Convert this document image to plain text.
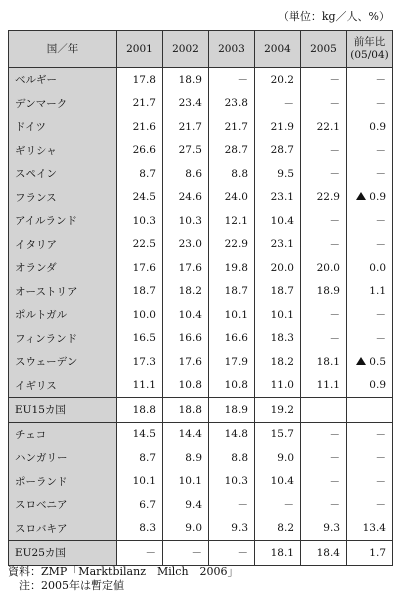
（単位：kg／人、%）
国／年	2001	2002	2003	2004	2005	前年比
(05/04)

ベルギー	17.8	18.9	－	20.2	－	－
デンマーク	21.7	23.4	23.8	－	－	－
ドイツ	21.6	21.7	21.7	21.9	22.1	0.9
ギリシャ	26.6	27.5	28.7	28.7	－	－
スペイン	8.7	8.6	8.8	9.5	－	－
フランス	24.5	24.6	24.0	23.1	22.9	0.9
アイルランド	10.3	10.3	12.1	10.4	－	－
イタリア	22.5	23.0	22.9	23.1	－	－
オランダ	17.6	17.6	19.8	20.0	20.0	0.0
オーストリア	18.7	18.2	18.7	18.7	18.9	1.1
ポルトガル	10.0	10.4	10.1	10.1	－	－
フィンランド	16.5	16.6	16.6	18.3	－	－
スウェーデン	17.3	17.6	17.9	18.2	18.1	0.5
イギリス	11.1	10.8	10.8	11.0	11.1	0.9
EU15カ国	18.8	18.8	18.9	19.2		
チェコ	14.5	14.4	14.8	15.7	－	－
ハンガリー	8.7	8.9	8.8	9.0	－	－
ポーランド	10.1	10.1	10.3	10.4	－	－
スロベニア	6.7	9.4	－	－	－	－
スロバキア	8.3	9.0	9.3	8.2	9.3	13.4
EU25カ国	－	－	－	18.1	18.4	1.7
資料：ZMP「Marktbilanz　Milch　2006」
　注：2005年は暫定値
